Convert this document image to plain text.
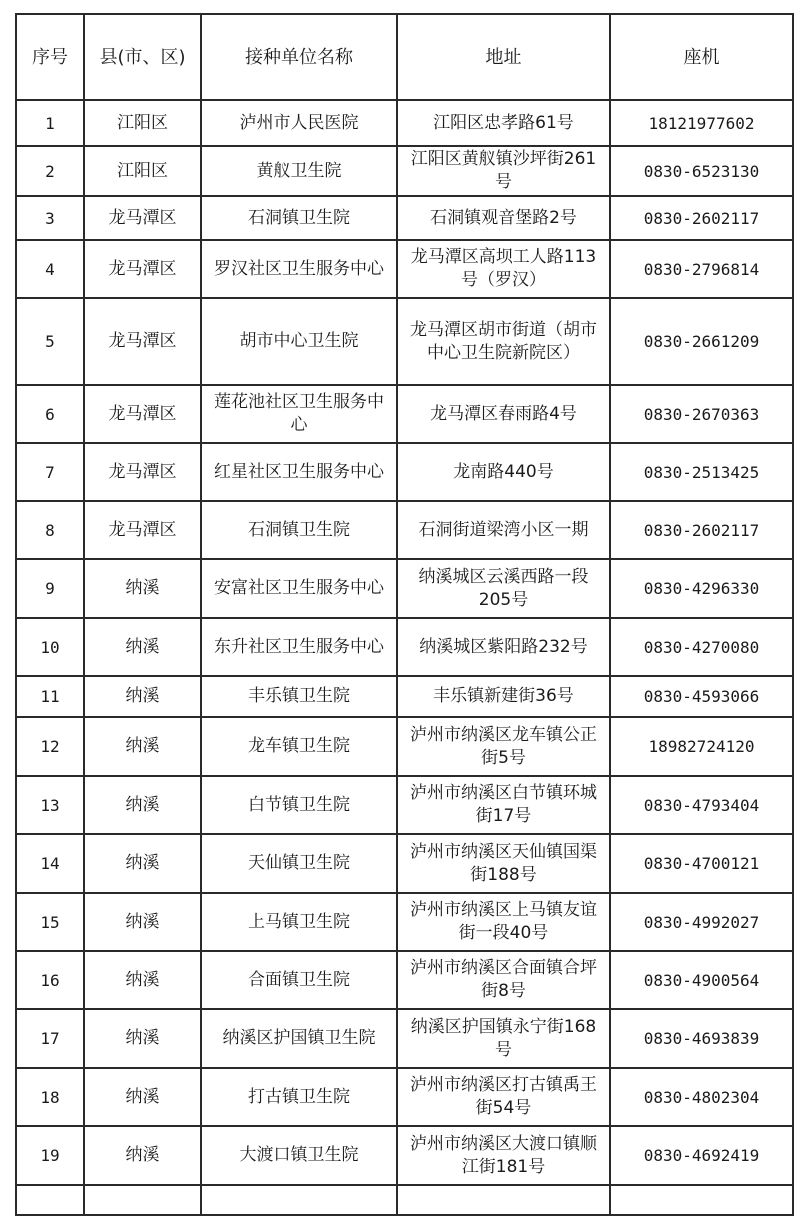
序号	县(市、区)	接种单位名称	地址	座机
1	江阳区	泸州市人民医院	江阳区忠孝路61号	18121977602
2	江阳区	黄舣卫生院	江阳区黄舣镇沙坪街261号	0830-6523130
3	龙马潭区	石洞镇卫生院	石洞镇观音堡路2号	0830-2602117
4	龙马潭区	罗汉社区卫生服务中心	龙马潭区高坝工人路113号（罗汉）	0830-2796814
5	龙马潭区	胡市中心卫生院	龙马潭区胡市街道（胡市中心卫生院新院区）	0830-2661209
6	龙马潭区	莲花池社区卫生服务中心	龙马潭区春雨路4号	0830-2670363
7	龙马潭区	红星社区卫生服务中心	龙南路440号	0830-2513425
8	龙马潭区	石洞镇卫生院	石洞街道梁湾小区一期	0830-2602117
9	纳溪	安富社区卫生服务中心	纳溪城区云溪西路一段205号	0830-4296330
10	纳溪	东升社区卫生服务中心	纳溪城区紫阳路232号	0830-4270080
11	纳溪	丰乐镇卫生院	丰乐镇新建街36号	0830-4593066
12	纳溪	龙车镇卫生院	泸州市纳溪区龙车镇公正街5号	18982724120
13	纳溪	白节镇卫生院	泸州市纳溪区白节镇环城街17号	0830-4793404
14	纳溪	天仙镇卫生院	泸州市纳溪区天仙镇国渠街188号	0830-4700121
15	纳溪	上马镇卫生院	泸州市纳溪区上马镇友谊街一段40号	0830-4992027
16	纳溪	合面镇卫生院	泸州市纳溪区合面镇合坪街8号	0830-4900564
17	纳溪	纳溪区护国镇卫生院	纳溪区护国镇永宁街168号	0830-4693839
18	纳溪	打古镇卫生院	泸州市纳溪区打古镇禹王街54号	0830-4802304
19	纳溪	大渡口镇卫生院	泸州市纳溪区大渡口镇顺江街181号	0830-4692419
